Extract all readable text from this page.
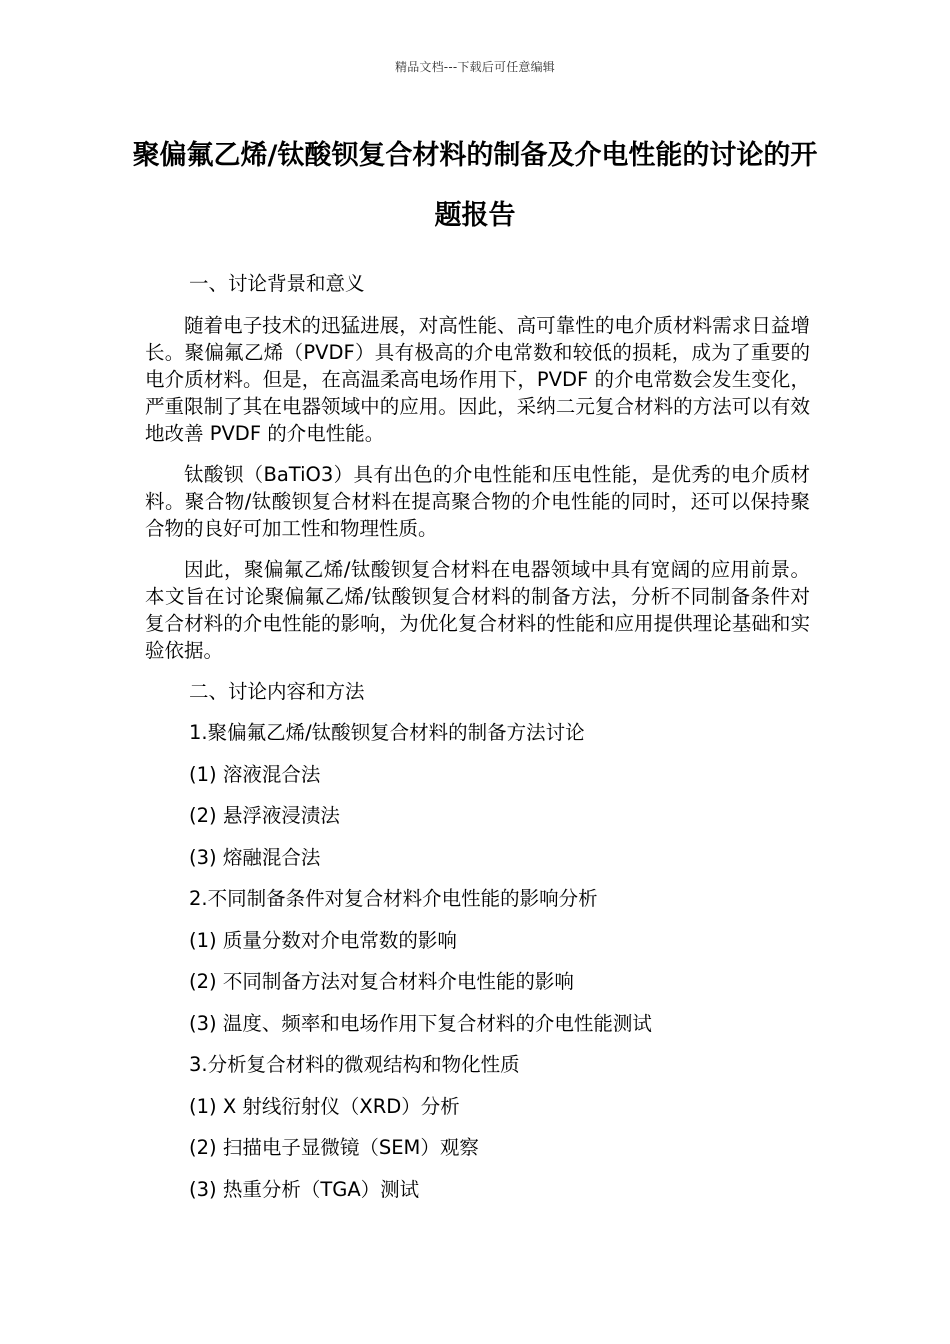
精品文档---下载后可任意编辑
聚偏氟乙烯/钛酸钡复合材料的制备及介电性能的讨论的开题报告
一、讨论背景和意义

随着电子技术的迅猛进展，对高性能、高可靠性的电介质材料需求日益增长。聚偏氟乙烯（PVDF）具有极高的介电常数和较低的损耗，成为了重要的电介质材料。但是，在高温柔高电场作用下，PVDF 的介电常数会发生变化，严重限制了其在电器领域中的应用。因此，采纳二元复合材料的方法可以有效地改善 PVDF 的介电性能。

钛酸钡（BaTiO3）具有出色的介电性能和压电性能，是优秀的电介质材料。聚合物/钛酸钡复合材料在提高聚合物的介电性能的同时，还可以保持聚合物的良好可加工性和物理性质。

因此，聚偏氟乙烯/钛酸钡复合材料在电器领域中具有宽阔的应用前景。本文旨在讨论聚偏氟乙烯/钛酸钡复合材料的制备方法，分析不同制备条件对复合材料的介电性能的影响，为优化复合材料的性能和应用提供理论基础和实验依据。

二、讨论内容和方法
1.聚偏氟乙烯/钛酸钡复合材料的制备方法讨论
(1) 溶液混合法
(2) 悬浮液浸渍法
(3) 熔融混合法
2.不同制备条件对复合材料介电性能的影响分析
(1) 质量分数对介电常数的影响
(2) 不同制备方法对复合材料介电性能的影响
(3) 温度、频率和电场作用下复合材料的介电性能测试
3.分析复合材料的微观结构和物化性质
(1) X 射线衍射仪（XRD）分析
(2) 扫描电子显微镜（SEM）观察
(3) 热重分析（TGA）测试
